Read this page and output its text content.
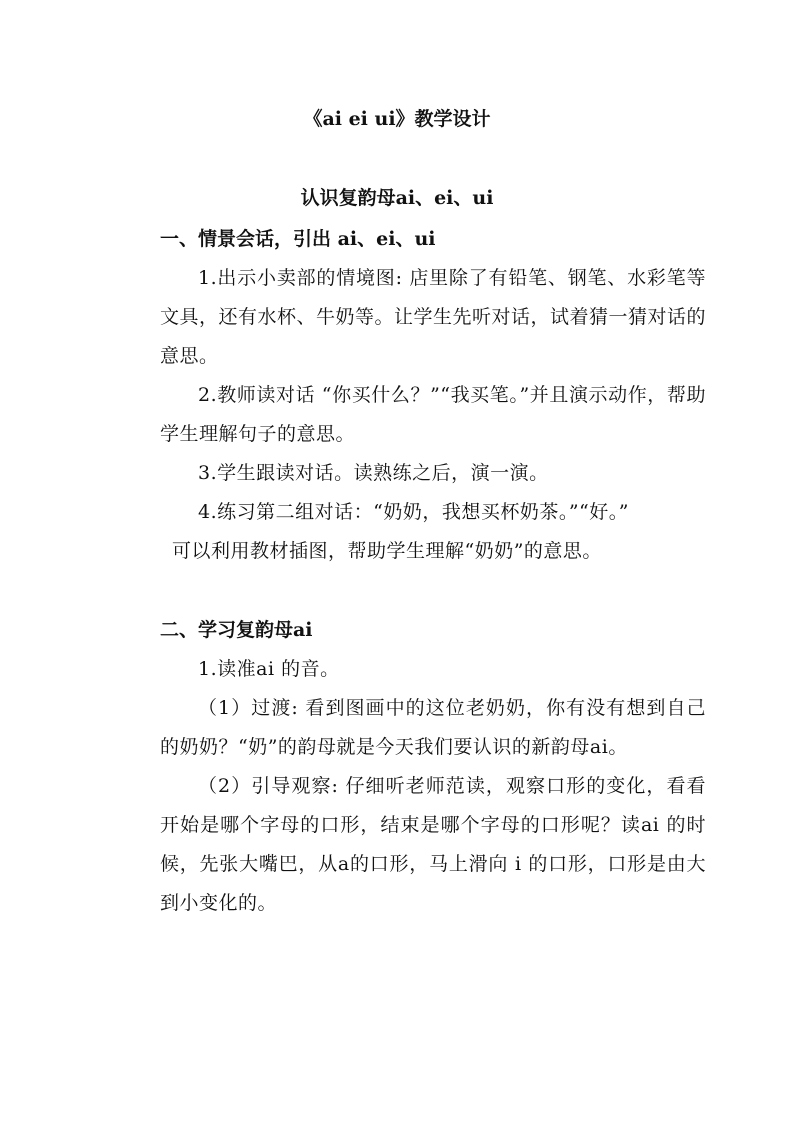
《ai ei ui》教学设计
认识复韵母ai、ei、ui

一、情景会话，引出 ai、ei、ui

1.出示小卖部的情境图: 店里除了有铅笔、钢笔、水彩笔等文具，还有水杯、牛奶等。让学生先听对话，试着猜一猜对话的意思。

2.教师读对话 “你买什么？”“我买笔。”并且演示动作，帮助学生理解句子的意思。

3.学生跟读对话。读熟练之后，演一演。

4.练习第二组对话：“奶奶，我想买杯奶茶。”“好。”

可以利用教材插图，帮助学生理解“奶奶”的意思。

二、学习复韵母ai

1.读准ai 的音。

（1）过渡: 看到图画中的这位老奶奶，你有没有想到自己的奶奶？“奶”的韵母就是今天我们要认识的新韵母ai。

（2）引导观察: 仔细听老师范读，观察口形的变化，看看开始是哪个字母的口形，结束是哪个字母的口形呢？读ai 的时候，先张大嘴巴，从a的口形，马上滑向 i 的口形，口形是由大到小变化的。
